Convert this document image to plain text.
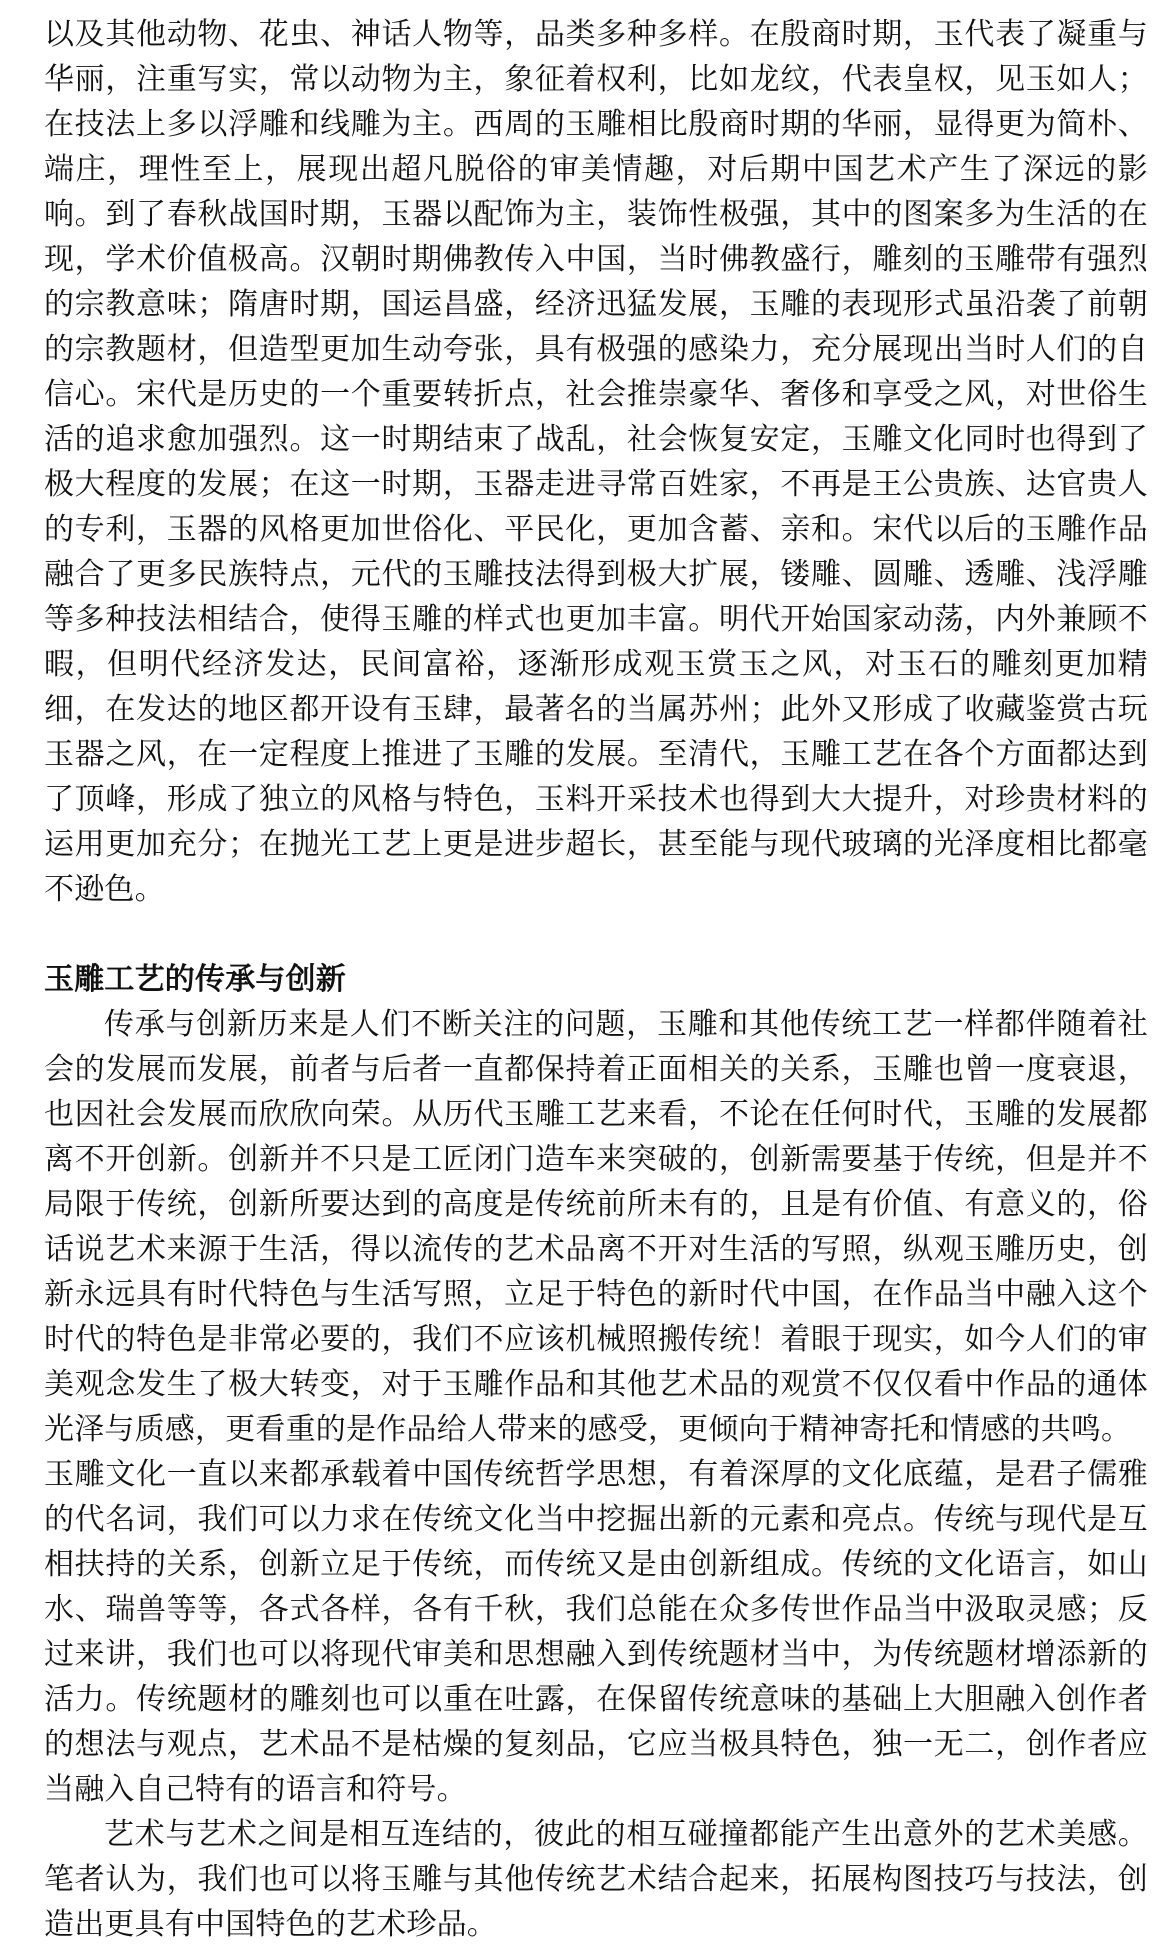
以及其他动物、花虫、神话人物等，品类多种多样。在殷商时期，玉代表了凝重与华丽，注重写实，常以动物为主，象征着权利，比如龙纹，代表皇权，见玉如人；在技法上多以浮雕和线雕为主。西周的玉雕相比殷商时期的华丽，显得更为简朴、端庄，理性至上，展现出超凡脱俗的审美情趣，对后期中国艺术产生了深远的影响。到了春秋战国时期，玉器以配饰为主，装饰性极强，其中的图案多为生活的在现，学术价值极高。汉朝时期佛教传入中国，当时佛教盛行，雕刻的玉雕带有强烈的宗教意味；隋唐时期，国运昌盛，经济迅猛发展，玉雕的表现形式虽沿袭了前朝的宗教题材，但造型更加生动夸张，具有极强的感染力，充分展现出当时人们的自信心。宋代是历史的一个重要转折点，社会推崇豪华、奢侈和享受之风，对世俗生活的追求愈加强烈。这一时期结束了战乱，社会恢复安定，玉雕文化同时也得到了极大程度的发展；在这一时期，玉器走进寻常百姓家，不再是王公贵族、达官贵人的专利，玉器的风格更加世俗化、平民化，更加含蓄、亲和。宋代以后的玉雕作品融合了更多民族特点，元代的玉雕技法得到极大扩展，镂雕、圆雕、透雕、浅浮雕等多种技法相结合，使得玉雕的样式也更加丰富。明代开始国家动荡，内外兼顾不暇，但明代经济发达，民间富裕，逐渐形成观玉赏玉之风，对玉石的雕刻更加精细，在发达的地区都开设有玉肆，最著名的当属苏州；此外又形成了收藏鉴赏古玩玉器之风，在一定程度上推进了玉雕的发展。至清代，玉雕工艺在各个方面都达到了顶峰，形成了独立的风格与特色，玉料开采技术也得到大大提升，对珍贵材料的运用更加充分；在抛光工艺上更是进步超长，甚至能与现代玻璃的光泽度相比都毫不逊色。

玉雕工艺的传承与创新

传承与创新历来是人们不断关注的问题，玉雕和其他传统工艺一样都伴随着社会的发展而发展，前者与后者一直都保持着正面相关的关系，玉雕也曾一度衰退，也因社会发展而欣欣向荣。从历代玉雕工艺来看，不论在任何时代，玉雕的发展都离不开创新。创新并不只是工匠闭门造车来突破的，创新需要基于传统，但是并不局限于传统，创新所要达到的高度是传统前所未有的，且是有价值、有意义的，俗话说艺术来源于生活，得以流传的艺术品离不开对生活的写照，纵观玉雕历史，创新永远具有时代特色与生活写照，立足于特色的新时代中国，在作品当中融入这个时代的特色是非常必要的，我们不应该机械照搬传统！着眼于现实，如今人们的审美观念发生了极大转变，对于玉雕作品和其他艺术品的观赏不仅仅看中作品的通体光泽与质感，更看重的是作品给人带来的感受，更倾向于精神寄托和情感的共鸣。

玉雕文化一直以来都承载着中国传统哲学思想，有着深厚的文化底蕴，是君子儒雅的代名词，我们可以力求在传统文化当中挖掘出新的元素和亮点。传统与现代是互相扶持的关系，创新立足于传统，而传统又是由创新组成。传统的文化语言，如山水、瑞兽等等，各式各样，各有千秋，我们总能在众多传世作品当中汲取灵感；反过来讲，我们也可以将现代审美和思想融入到传统题材当中，为传统题材增添新的活力。传统题材的雕刻也可以重在吐露，在保留传统意味的基础上大胆融入创作者的想法与观点，艺术品不是枯燥的复刻品，它应当极具特色，独一无二，创作者应当融入自己特有的语言和符号。

艺术与艺术之间是相互连结的，彼此的相互碰撞都能产生出意外的艺术美感。笔者认为，我们也可以将玉雕与其他传统艺术结合起来，拓展构图技巧与技法，创造出更具有中国特色的艺术珍品。
